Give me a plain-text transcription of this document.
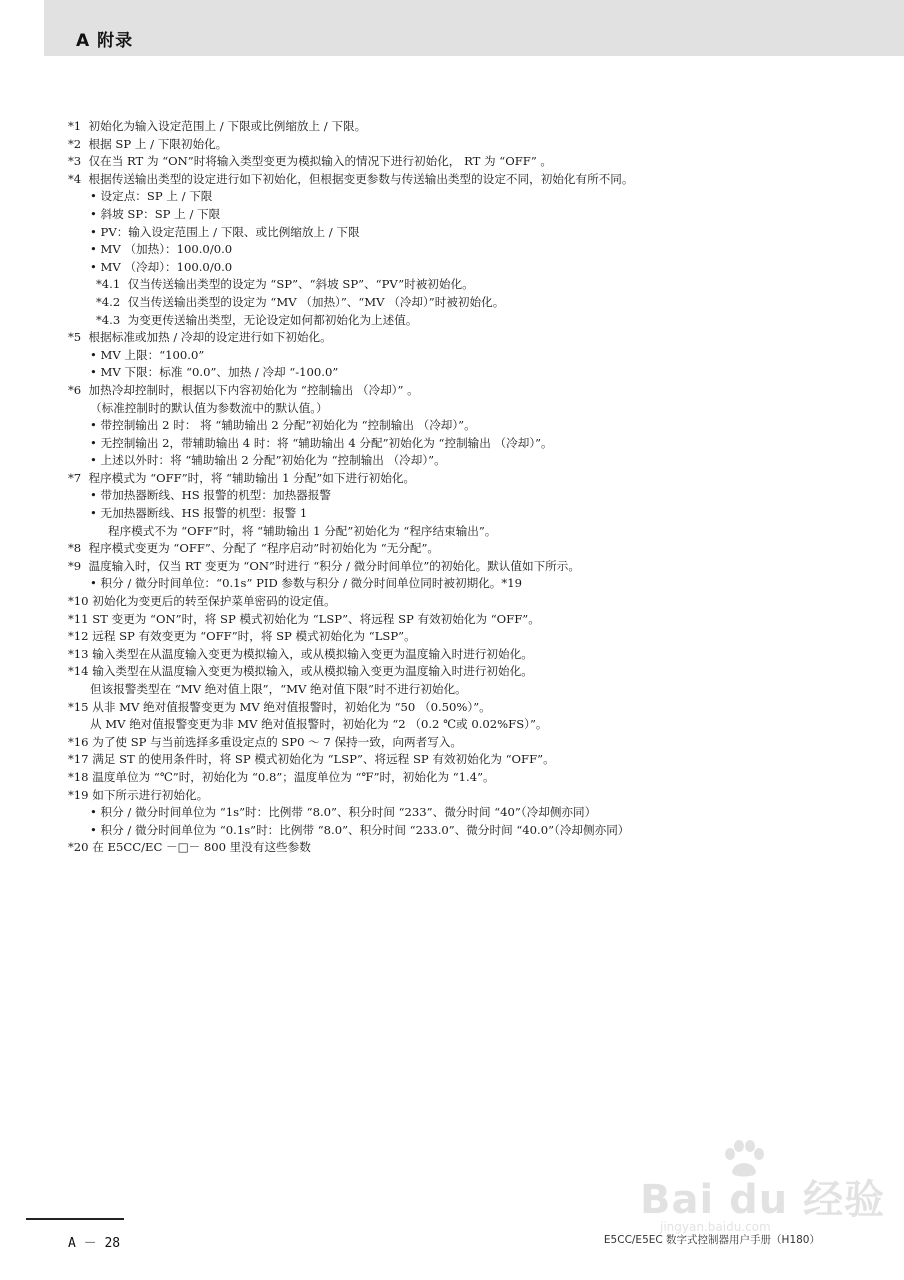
A 附录
*1  初始化为输入设定范围上 / 下限或比例缩放上 / 下限。
*2  根据 SP 上 / 下限初始化。
*3  仅在当 RT 为 “ON”时将输入类型变更为模拟输入的情况下进行初始化， RT 为 “OFF” 。
*4  根据传送输出类型的设定进行如下初始化，但根据变更参数与传送输出类型的设定不同，初始化有所不同。
• 设定点：SP 上 / 下限
• 斜坡 SP：SP 上 / 下限
• PV：输入设定范围上 / 下限、或比例缩放上 / 下限
• MV （加热）：100.0/0.0
• MV （冷却）：100.0/0.0
*4.1  仅当传送输出类型的设定为 “SP”、“斜坡 SP”、“PV”时被初始化。
*4.2  仅当传送输出类型的设定为 “MV （加热）”、“MV （冷却）”时被初始化。
*4.3  为变更传送输出类型，无论设定如何都初始化为上述值。
*5  根据标准或加热 / 冷却的设定进行如下初始化。
• MV 上限：“100.0”
• MV 下限：标准 “0.0”、加热 / 冷却 “-100.0”
*6  加热冷却控制时，根据以下内容初始化为 “控制输出 （冷却）” 。
（标准控制时的默认值为参数流中的默认值。）
• 带控制输出 2 时： 将 “辅助输出 2 分配”初始化为 “控制输出 （冷却）”。
• 无控制输出 2，带辅助输出 4 时：将 “辅助输出 4 分配”初始化为 “控制输出 （冷却）”。
• 上述以外时：将 “辅助输出 2 分配”初始化为 “控制输出 （冷却）”。
*7  程序模式为 “OFF”时，将 “辅助输出 1 分配”如下进行初始化。
• 带加热器断线、HS 报警的机型：加热器报警
• 无加热器断线、HS 报警的机型：报警 1
程序模式不为 “OFF”时，将 “辅助输出 1 分配”初始化为 “程序结束输出”。
*8  程序模式变更为 “OFF”、分配了 “程序启动”时初始化为 “无分配”。
*9  温度输入时，仅当 RT 变更为 “ON”时进行 “积分 / 微分时间单位”的初始化。默认值如下所示。
• 积分 / 微分时间单位：“0.1s” PID 参数与积分 / 微分时间单位同时被初期化。*19
*10 初始化为变更后的转至保护菜单密码的设定值。
*11 ST 变更为 “ON”时，将 SP 模式初始化为 “LSP”、将远程 SP 有效初始化为 “OFF”。
*12 远程 SP 有效变更为 “OFF”时，将 SP 模式初始化为 “LSP”。
*13 输入类型在从温度输入变更为模拟输入，或从模拟输入变更为温度输入时进行初始化。
*14 输入类型在从温度输入变更为模拟输入，或从模拟输入变更为温度输入时进行初始化。
但该报警类型在 “MV 绝对值上限”，“MV 绝对值下限”时不进行初始化。
*15 从非 MV 绝对值报警变更为 MV 绝对值报警时，初始化为 “50 （0.50%）”。
从 MV 绝对值报警变更为非 MV 绝对值报警时，初始化为 “2 （0.2 ℃或 0.02%FS）”。
*16 为了使 SP 与当前选择多重设定点的 SP0 ～ 7 保持一致，向两者写入。
*17 满足 ST 的使用条件时，将 SP 模式初始化为 “LSP”、将远程 SP 有效初始化为 “OFF”。
*18 温度单位为 “℃”时，初始化为 “0.8”；温度单位为 “℉”时，初始化为 “1.4”。
*19 如下所示进行初始化。
• 积分 / 微分时间单位为 “1s”时：比例带 “8.0”、积分时间 “233”、微分时间 “40”（冷却侧亦同）
• 积分 / 微分时间单位为 “0.1s”时：比例带 “8.0”、积分时间 “233.0”、微分时间 “40.0”（冷却侧亦同）
*20 在 E5CC/EC －□－ 800 里没有这些参数
Bai du 经验
jingyan.baidu.com
A － 28	E5CC/E5EC 数字式控制器用户手册（H180）
